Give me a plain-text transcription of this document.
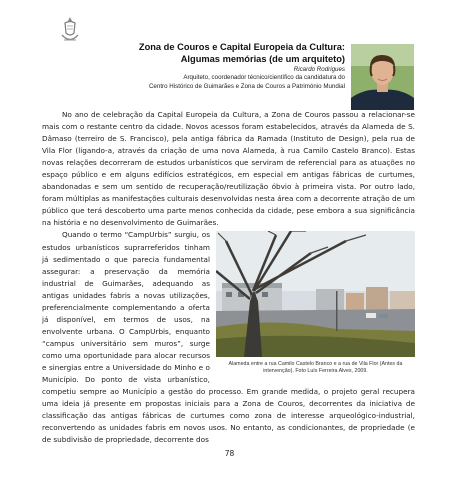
Zona de Couros e Capital Europeia da Cultura:
Algumas memórias (de um arquiteto)
Ricardo Rodrigues
Arquiteto, coordenador técnico/científico da candidatura do
Centro Histórico de Guimarães e Zona de Couros a Património Mundial

No ano de celebração da Capital Europeia da Cultura, a Zona de Couros passou a relacionar-se mais com o restante centro da cidade. Novos acessos foram estabelecidos, através da Alameda de S. Dâmaso (terreiro de S. Francisco), pela antiga fábrica da Ramada (Instituto de Design), pela rua de Vila Flor (ligando-a, através da criação de uma nova Alameda, à rua Camilo Castelo Branco). Estas novas relações decorreram de estudos urbanísticos que serviram de referencial para as atuações no espaço público e em alguns edifícios estratégicos, em especial em antigas fábricas de curtumes, abandonadas e sem um sentido de recuperação/reutilização óbvio à primeira vista. Por outro lado, foram múltiplas as manifestações culturais desenvolvidas nesta área com a decorrente atração de um público que terá descoberto uma parte menos conhecida da cidade, pese embora a sua significância na história e no desenvolvimento de Guimarães.

Alameda entre a rua Camilo Castelo Branco e a rua de Vila Flor (Antes da
intervenção). Foto Luís Ferreira Alves, 2009.

Quando o termo “CampUrbis” surgiu, os estudos urbanísticos suprarreferidos tinham já sedimentado o que parecia fundamental assegurar: a preservação da memória industrial de Guimarães, adequando as antigas unidades fabris a novas utilizações, preferencialmente complementando a oferta já disponível, em termos de usos, na envolvente urbana. O CampUrbis, enquanto “campus universitário sem muros”, surge como uma oportunidade para alocar recursos e sinergias entre a Universidade do Minho e o Município. Do ponto de vista urbanístico, competiu sempre ao Município a gestão do processo. Em grande medida, o projeto geral recupera uma ideia já presente em propostas iniciais para a Zona de Couros, decorrentes da iniciativa de classificação das antigas fábricas de curtumes como zona de interesse arqueológico-industrial, reconvertendo as unidades fabris em novos usos. No entanto, as condicionantes, de propriedade (e de subdivisão de propriedade, decorrente dos

78
